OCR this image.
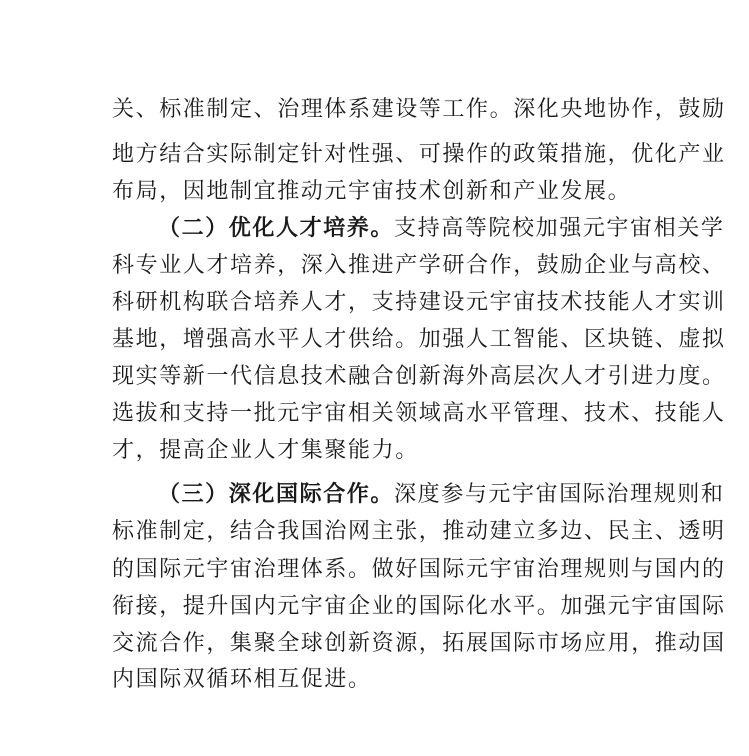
关、标准制定、治理体系建设等工作。深化央地协作，鼓励
地方结合实际制定针对性强、可操作的政策措施，优化产业
布局，因地制宜推动元宇宙技术创新和产业发展。
（二）优化人才培养。支持高等院校加强元宇宙相关学
科专业人才培养，深入推进产学研合作，鼓励企业与高校、
科研机构联合培养人才，支持建设元宇宙技术技能人才实训
基地，增强高水平人才供给。加强人工智能、区块链、虚拟
现实等新一代信息技术融合创新海外高层次人才引进力度。
选拔和支持一批元宇宙相关领域高水平管理、技术、技能人
才，提高企业人才集聚能力。
（三）深化国际合作。深度参与元宇宙国际治理规则和
标准制定，结合我国治网主张，推动建立多边、民主、透明
的国际元宇宙治理体系。做好国际元宇宙治理规则与国内的
衔接，提升国内元宇宙企业的国际化水平。加强元宇宙国际
交流合作，集聚全球创新资源，拓展国际市场应用，推动国
内国际双循环相互促进。
